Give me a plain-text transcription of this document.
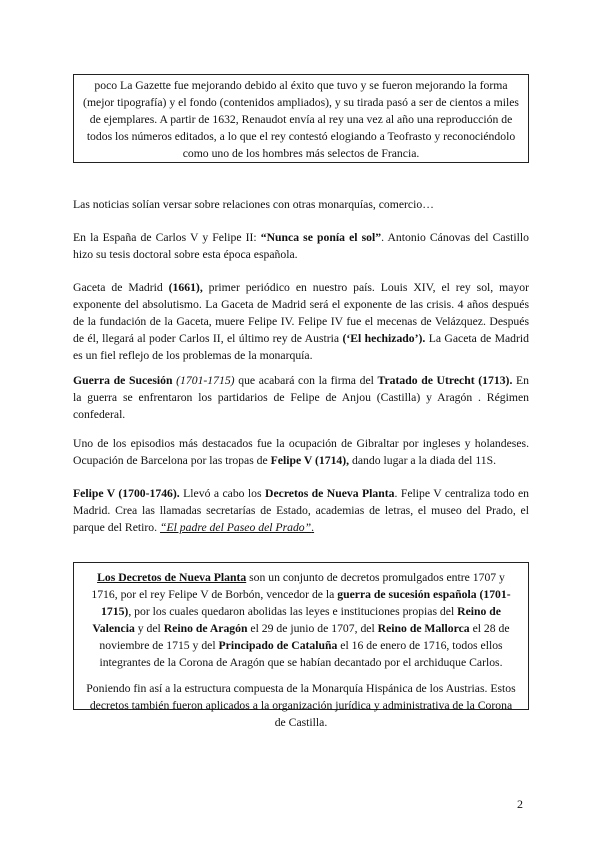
poco La Gazette fue mejorando debido al éxito que tuvo y se fueron mejorando la forma (mejor tipografía) y el fondo (contenidos ampliados), y su tirada pasó a ser de cientos a miles de ejemplares. A partir de 1632, Renaudot envía al rey una vez al año una reproducción de todos los números editados, a lo que el rey contestó elogiando a Teofrasto y reconociéndolo como uno de los hombres más selectos de Francia.

Las noticias solían versar sobre relaciones con otras monarquías, comercio…

En la España de Carlos V y Felipe II: “Nunca se ponía el sol”. Antonio Cánovas del Castillo hizo su tesis doctoral sobre esta época española.

Gaceta de Madrid (1661), primer periódico en nuestro país. Louis XIV, el rey sol, mayor exponente del absolutismo. La Gaceta de Madrid será el exponente de las crisis. 4 años después de la fundación de la Gaceta, muere Felipe IV. Felipe IV fue el mecenas de Velázquez. Después de él, llegará al poder Carlos II, el último rey de Austria (‘El hechizado’). La Gaceta de Madrid es un fiel reflejo de los problemas de la monarquía.

Guerra de Sucesión (1701-1715) que acabará con la firma del Tratado de Utrecht (1713). En la guerra se enfrentaron los partidarios de Felipe de Anjou (Castilla) y Aragón . Régimen confederal.

Uno de los episodios más destacados fue la ocupación de Gibraltar por ingleses y holandeses. Ocupación de Barcelona por las tropas de Felipe V (1714), dando lugar a la diada del 11S.

Felipe V (1700-1746). Llevó a cabo los Decretos de Nueva Planta. Felipe V centraliza todo en Madrid. Crea las llamadas secretarías de Estado, academias de letras, el museo del Prado, el parque del Retiro. “El padre del Paseo del Prado”.

Los Decretos de Nueva Planta son un conjunto de decretos promulgados entre 1707 y 1716, por el rey Felipe V de Borbón, vencedor de la guerra de sucesión española (1701-1715), por los cuales quedaron abolidas las leyes e instituciones propias del Reino de Valencia y del Reino de Aragón el 29 de junio de 1707, del Reino de Mallorca el 28 de noviembre de 1715 y del Principado de Cataluña el 16 de enero de 1716, todos ellos integrantes de la Corona de Aragón que se habían decantado por el archiduque Carlos.

Poniendo fin así a la estructura compuesta de la Monarquía Hispánica de los Austrias. Estos decretos también fueron aplicados a la organización jurídica y administrativa de la Corona de Castilla.

2
